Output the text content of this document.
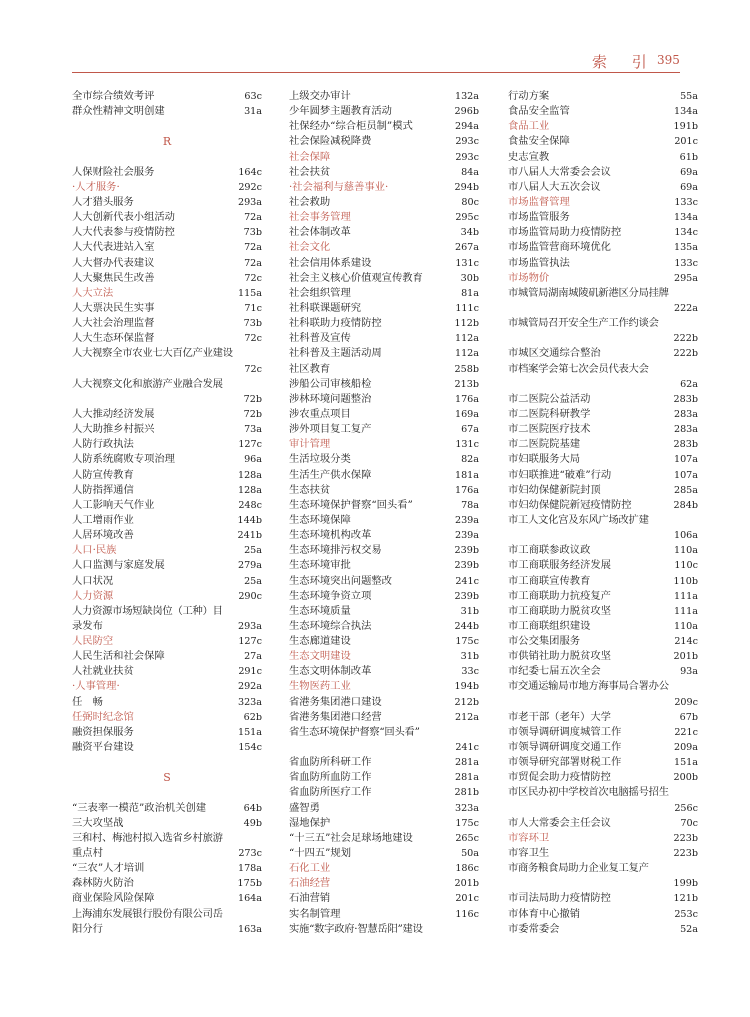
索 引 395
全市综合绩效考评	63c
群众性精神文明创建	31a
R
人保财险社会服务	164c
·人才服务·	292c
人才猎头服务	293a
人大创新代表小组活动	72a
人大代表参与疫情防控	73b
人大代表进站入室	72a
人大督办代表建议	72a
人大聚焦民生改善	72c
人大立法	115a
人大票决民生实事	71c
人大社会治理监督	73b
人大生态环保监督	72c
人大视察全市农业七大百亿产业建设
72c
人大视察文化和旅游产业融合发展
72b
人大推动经济发展	72b
人大助推乡村振兴	73a
人防行政执法	127c
人防系统腐败专项治理	96a
人防宣传教育	128a
人防指挥通信	128a
人工影响天气作业	248c
人工增雨作业	144b
人居环境改善	241b
人口·民族	25a
人口监测与家庭发展	279a
人口状况	25a
人力资源	290c
人力资源市场短缺岗位（工种）目
录发布	293a
人民防空	127c
人民生活和社会保障	27a
人社就业扶贫	291c
·人事管理·	292a
任　畅	323a
任弼时纪念馆	62b
融资担保服务	151a
融资平台建设	154c
S
“三表率一模范”政治机关创建	64b
三大攻坚战	49b
三和村、梅池村拟入选省乡村旅游
重点村	273c
“三农”人才培训	178a
森林防火防治	175b
商业保险风险保障	164a
上海浦东发展银行股份有限公司岳
阳分行	163a
上级交办审计	132a
少年圆梦主题教育活动	296b
社保经办“综合柜员制”模式	294a
社会保险减税降费	293c
社会保障	293c
社会扶贫	84a
·社会福利与慈善事业·	294b
社会救助	80c
社会事务管理	295c
社会体制改革	34b
社会文化	267a
社会信用体系建设	131c
社会主义核心价值观宣传教育	30b
社会组织管理	81a
社科联课题研究	111c
社科联助力疫情防控	112b
社科普及宣传	112a
社科普及主题活动周	112a
社区教育	258b
涉船公司审核船检	213b
涉林环境问题整治	176a
涉农重点项目	169a
涉外项目复工复产	67a
审计管理	131c
生活垃圾分类	82a
生活生产供水保障	181a
生态扶贫	176a
生态环境保护督察“回头看”	78a
生态环境保障	239a
生态环境机构改革	239a
生态环境排污权交易	239b
生态环境审批	239b
生态环境突出问题整改	241c
生态环境争资立项	239b
生态环境质量	31b
生态环境综合执法	244b
生态廊道建设	175c
生态文明建设	31b
生态文明体制改革	33c
生物医药工业	194b
省港务集团港口建设	212b
省港务集团港口经营	212a
省生态环境保护督察“回头看”
241c
省血防所科研工作	281a
省血防所血防工作	281a
省血防所医疗工作	281b
盛智勇	323a
湿地保护	175c
“十三五”社会足球场地建设	265c
“十四五”规划	50a
石化工业	186c
石油经营	201b
石油营销	201c
实名制管理	116c
实施“数字政府·智慧岳阳”建设
行动方案	55a
食品安全监管	134a
食品工业	191b
食盐安全保障	201c
史志宣教	61b
市八届人大常委会会议	69a
市八届人大五次会议	69a
市场监督管理	133c
市场监管服务	134a
市场监管局助力疫情防控	134c
市场监管营商环境优化	135a
市场监管执法	133c
市场物价	295a
市城管局湖南城陵矶新港区分局挂牌
222a
市城管局召开安全生产工作约谈会
222b
市城区交通综合整治	222b
市档案学会第七次会员代表大会
62a
市二医院公益活动	283b
市二医院科研教学	283a
市二医院医疗技术	283a
市二医院院基建	283b
市妇联服务大局	107a
市妇联推进“破难”行动	107a
市妇幼保健新院封顶	285a
市妇幼保健院新冠疫情防控	284b
市工人文化宫及东风广场改扩建
106a
市工商联参政议政	110a
市工商联服务经济发展	110c
市工商联宣传教育	110b
市工商联助力抗疫复产	111a
市工商联助力脱贫攻坚	111a
市工商联组织建设	110a
市公交集团服务	214c
市供销社助力脱贫攻坚	201b
市纪委七届五次全会	93a
市交通运输局市地方海事局合署办公
209c
市老干部（老年）大学	67b
市领导调研调度城管工作	221c
市领导调研调度交通工作	209a
市领导研究部署财税工作	151a
市贸促会助力疫情防控	200b
市区民办初中学校首次电脑摇号招生
256c
市人大常委会主任会议	70c
市容环卫	223b
市容卫生	223b
市商务粮食局助力企业复工复产
199b
市司法局助力疫情防控	121b
市体育中心撤销	253c
市委常委会	52a
